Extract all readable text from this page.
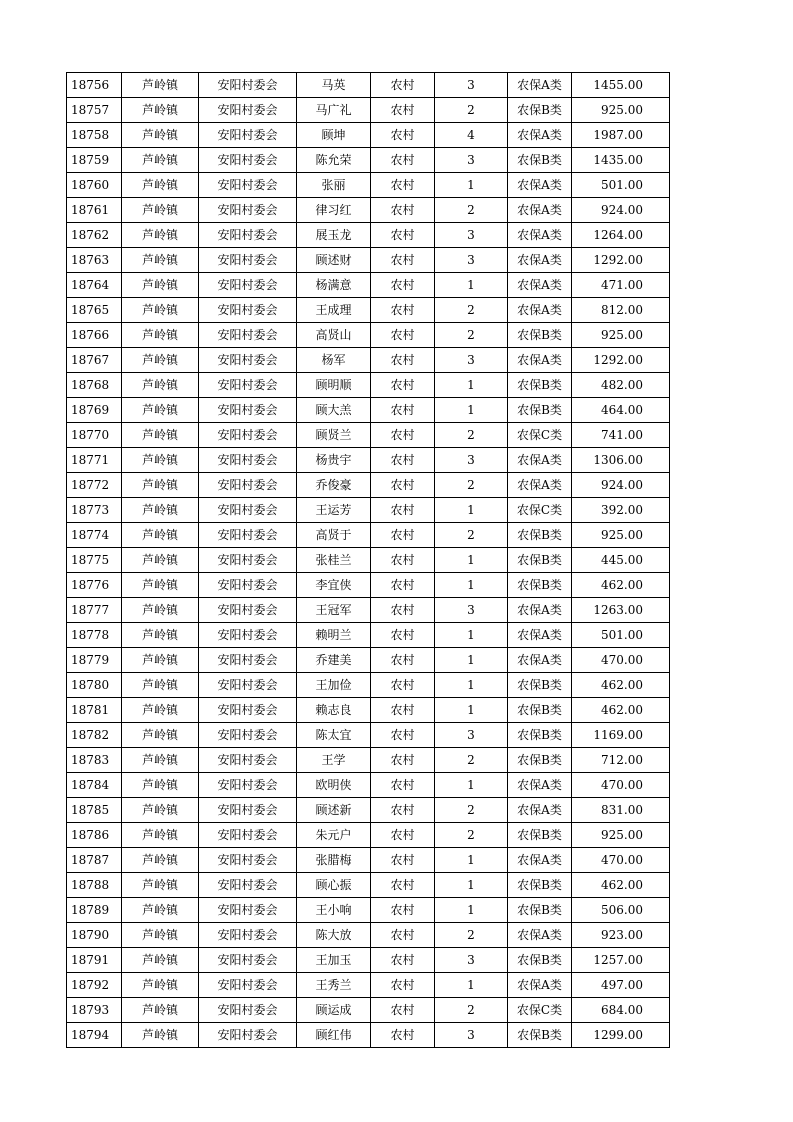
18756	芦岭镇	安阳村委会	马英	农村	3	农保A类	1455.00
18757	芦岭镇	安阳村委会	马广礼	农村	2	农保B类	925.00
18758	芦岭镇	安阳村委会	顾坤	农村	4	农保A类	1987.00
18759	芦岭镇	安阳村委会	陈允荣	农村	3	农保B类	1435.00
18760	芦岭镇	安阳村委会	张丽	农村	1	农保A类	501.00
18761	芦岭镇	安阳村委会	律习红	农村	2	农保A类	924.00
18762	芦岭镇	安阳村委会	展玉龙	农村	3	农保A类	1264.00
18763	芦岭镇	安阳村委会	顾述财	农村	3	农保A类	1292.00
18764	芦岭镇	安阳村委会	杨满意	农村	1	农保A类	471.00
18765	芦岭镇	安阳村委会	王成理	农村	2	农保A类	812.00
18766	芦岭镇	安阳村委会	高贤山	农村	2	农保B类	925.00
18767	芦岭镇	安阳村委会	杨军	农村	3	农保A类	1292.00
18768	芦岭镇	安阳村委会	顾明顺	农村	1	农保B类	482.00
18769	芦岭镇	安阳村委会	顾大羔	农村	1	农保B类	464.00
18770	芦岭镇	安阳村委会	顾贤兰	农村	2	农保C类	741.00
18771	芦岭镇	安阳村委会	杨贵宇	农村	3	农保A类	1306.00
18772	芦岭镇	安阳村委会	乔俊豪	农村	2	农保A类	924.00
18773	芦岭镇	安阳村委会	王运芳	农村	1	农保C类	392.00
18774	芦岭镇	安阳村委会	高贤于	农村	2	农保B类	925.00
18775	芦岭镇	安阳村委会	张桂兰	农村	1	农保B类	445.00
18776	芦岭镇	安阳村委会	李宜侠	农村	1	农保B类	462.00
18777	芦岭镇	安阳村委会	王冠军	农村	3	农保A类	1263.00
18778	芦岭镇	安阳村委会	赖明兰	农村	1	农保A类	501.00
18779	芦岭镇	安阳村委会	乔建美	农村	1	农保A类	470.00
18780	芦岭镇	安阳村委会	王加俭	农村	1	农保B类	462.00
18781	芦岭镇	安阳村委会	赖志良	农村	1	农保B类	462.00
18782	芦岭镇	安阳村委会	陈太宜	农村	3	农保B类	1169.00
18783	芦岭镇	安阳村委会	王学	农村	2	农保B类	712.00
18784	芦岭镇	安阳村委会	欧明侠	农村	1	农保A类	470.00
18785	芦岭镇	安阳村委会	顾述新	农村	2	农保A类	831.00
18786	芦岭镇	安阳村委会	朱元户	农村	2	农保B类	925.00
18787	芦岭镇	安阳村委会	张腊梅	农村	1	农保A类	470.00
18788	芦岭镇	安阳村委会	顾心振	农村	1	农保B类	462.00
18789	芦岭镇	安阳村委会	王小响	农村	1	农保B类	506.00
18790	芦岭镇	安阳村委会	陈大放	农村	2	农保A类	923.00
18791	芦岭镇	安阳村委会	王加玉	农村	3	农保B类	1257.00
18792	芦岭镇	安阳村委会	王秀兰	农村	1	农保A类	497.00
18793	芦岭镇	安阳村委会	顾运成	农村	2	农保C类	684.00
18794	芦岭镇	安阳村委会	顾红伟	农村	3	农保B类	1299.00
